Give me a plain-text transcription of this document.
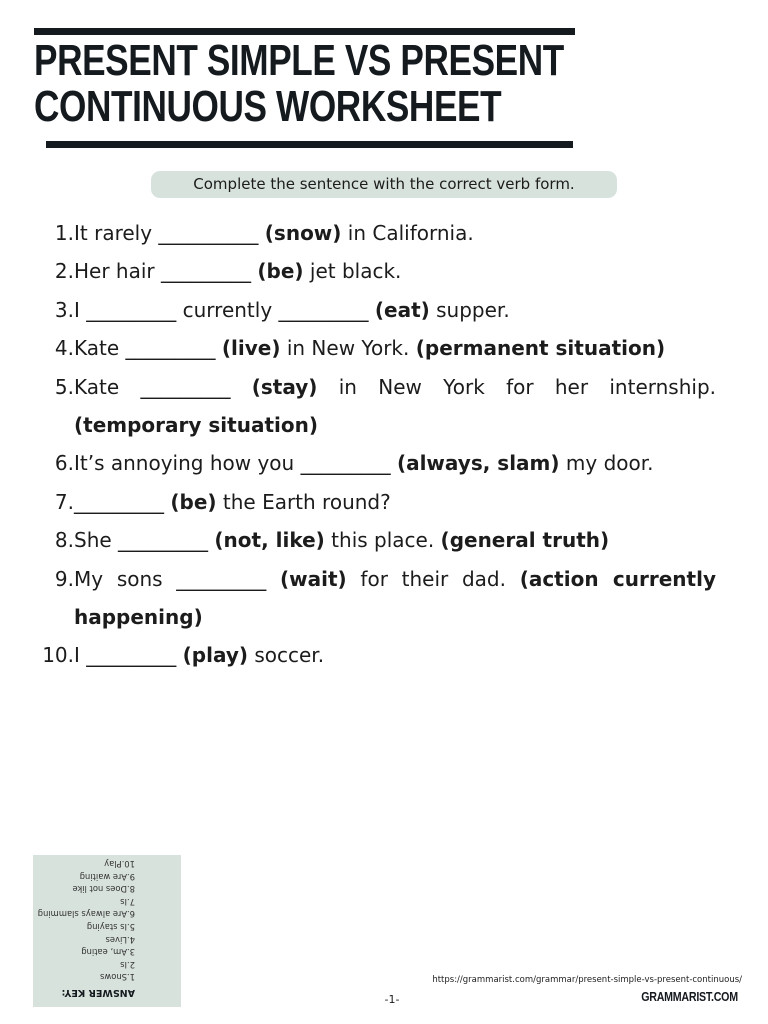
PRESENT SIMPLE VS PRESENT
CONTINUOUS WORKSHEET
Complete the sentence with the correct verb form.
1. It rarely __________ (snow) in California.
2. Her hair _________ (be) jet black.
3. I _________ currently _________ (eat) supper.
4. Kate _________ (live) in New York. (permanent situation)
5. Kate _________ (stay) in New York for her internship. (temporary situation)
6. It’s annoying how you _________ (always, slam) my door.
7. _________ (be) the Earth round?
8. She _________ (not, like) this place. (general truth)
9. My sons _________ (wait) for their dad. (action currently happening)
10. I _________ (play) soccer.
ANSWER KEY:
1.Snows
2.Is
3.Am, eating
4.Lives
5.Is staying
6.Are always slamming
7.Is
8.Does not like
9.Are waiting
10.Play
https://grammarist.com/grammar/present-simple-vs-present-continuous/
GRAMMARIST.COM
-1-
